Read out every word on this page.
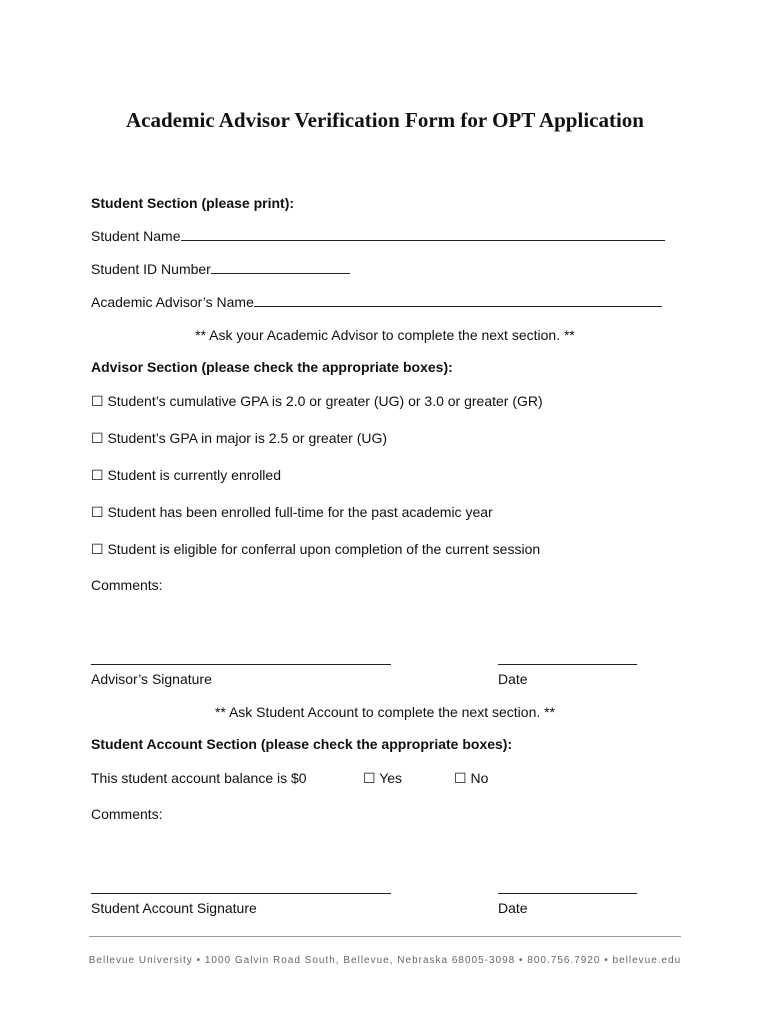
Academic Advisor Verification Form for OPT Application
Student Section (please print):
Student Name
Student ID Number
Academic Advisor’s Name
** Ask your Academic Advisor to complete the next section. **
Advisor Section (please check the appropriate boxes):
☐ Student’s cumulative GPA is 2.0 or greater (UG) or 3.0 or greater (GR)
☐ Student’s GPA in major is 2.5 or greater (UG)
☐ Student is currently enrolled
☐ Student has been enrolled full-time for the past academic year
☐ Student is eligible for conferral upon completion of the current session
Comments:
Advisor’s Signature	Date
** Ask Student Account to complete the next section. **
Student Account Section (please check the appropriate boxes):
This student account balance is $0	☐ Yes	☐ No
Comments:
Student Account Signature	Date
Bellevue University • 1000 Galvin Road South, Bellevue, Nebraska 68005-3098 • 800.756.7920 • bellevue.edu
